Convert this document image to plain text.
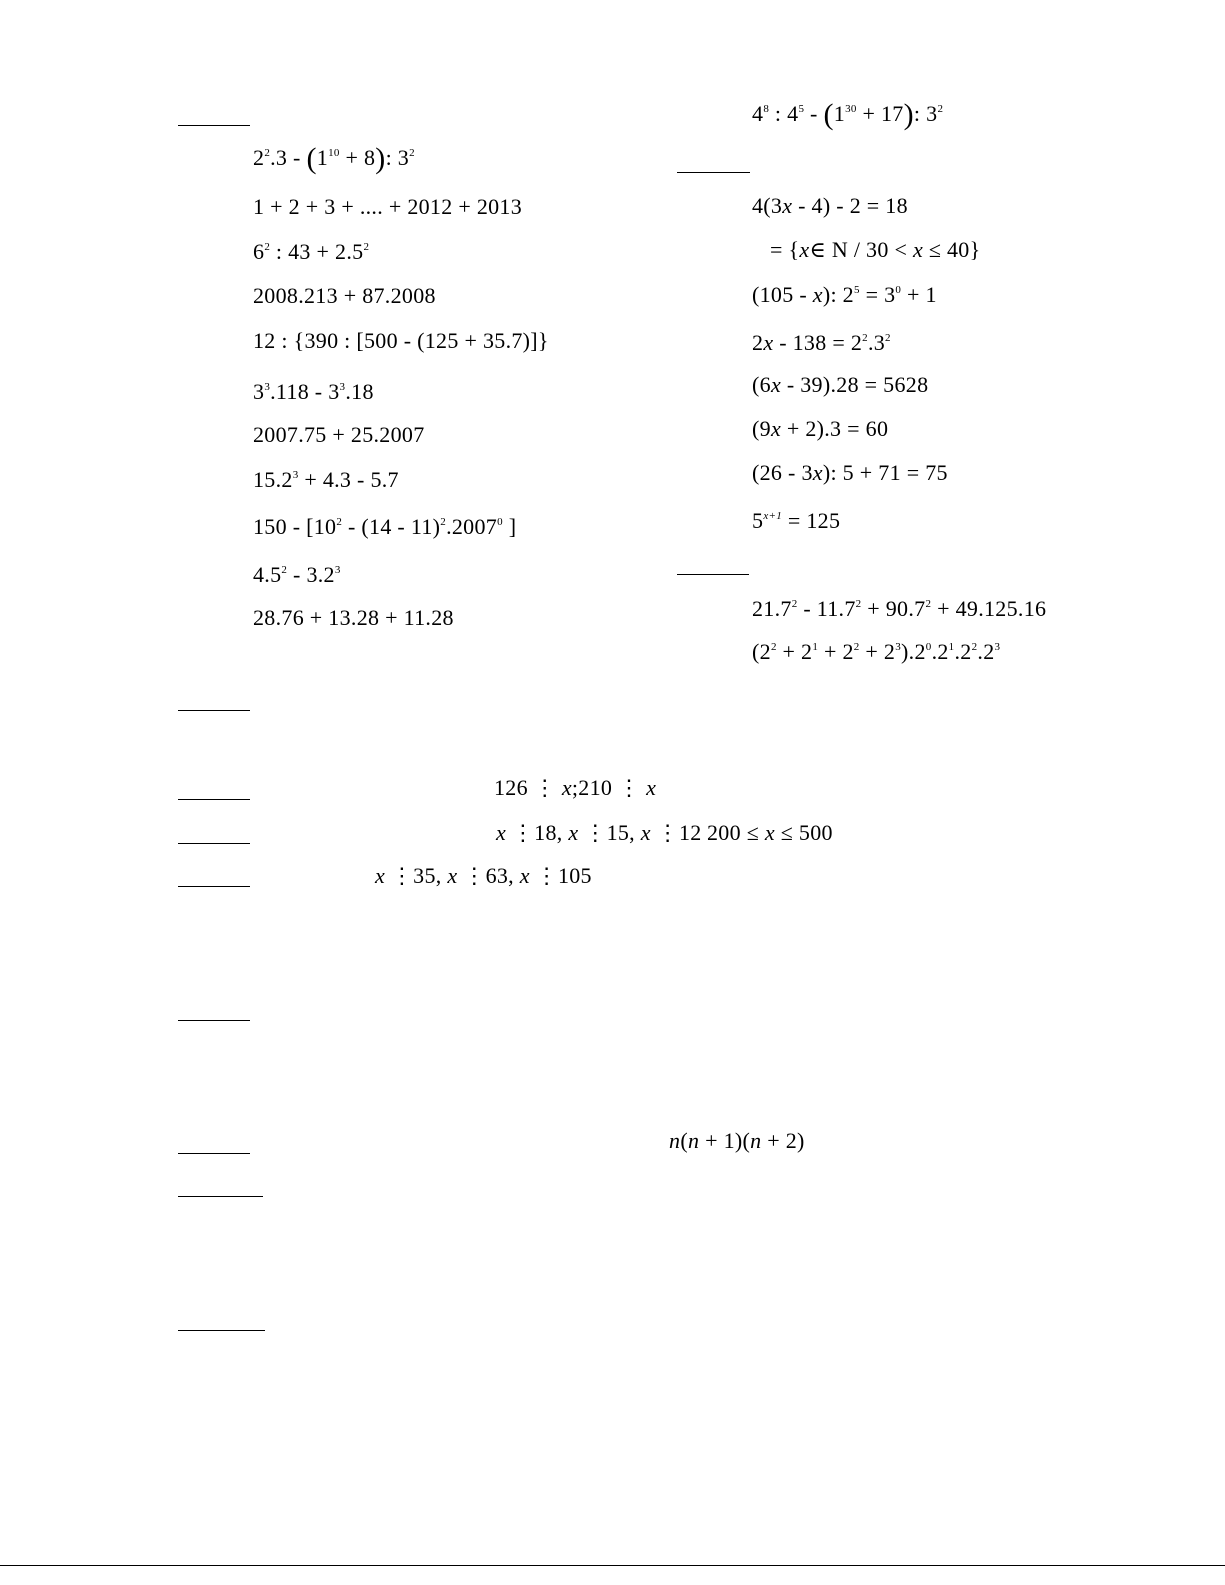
$2^2.3 - (1^{10} + 8)$: $3^2$
1 + 2 + 3 + .... + 2012 + 2013
$6^2$ : $43 + 2.5^2$
2008.213 + 87.2008
12 : {390 : [500 - (125 + 35.7)]}
$3^3.118 - 3^3.18$
2007.75 + 25.2007
$15.2^3 + 4.3 - 5.7$
$150 - [10^2 - (14 - 11)^2.2007^0$ ]
$4.5^2 - 3.2^3$
28.76 + 13.28 + 11.28
$4^8$ : $4^5 - (1^{30} + 17)$: $3^2$
4(3x - 4) - 2 = 18
= {x∈ N / 30 < x ≤ 40}
(105 - x): $2^5 = 3^0 + 1$
$2x - 138 = 2^2.3^2$
(6x - 39).28 = 5628
(9x + 2).3 = 60
(26 - 3x): 5 + 71 = 75
$5^{x+1} = 125$
$21.7^2 - 11.7^2 + 90.7^2 + 49.125.16$
$(2^2 + 2^1 + 2^2 + 2^3).2^0.2^1.2^2.2^3$
126 ⋮ x;210 ⋮ x
x ⋮18, x ⋮15, x ⋮12 200 ≤ x ≤ 500
x ⋮35, x ⋮63, x ⋮105
n(n + 1)(n + 2)
